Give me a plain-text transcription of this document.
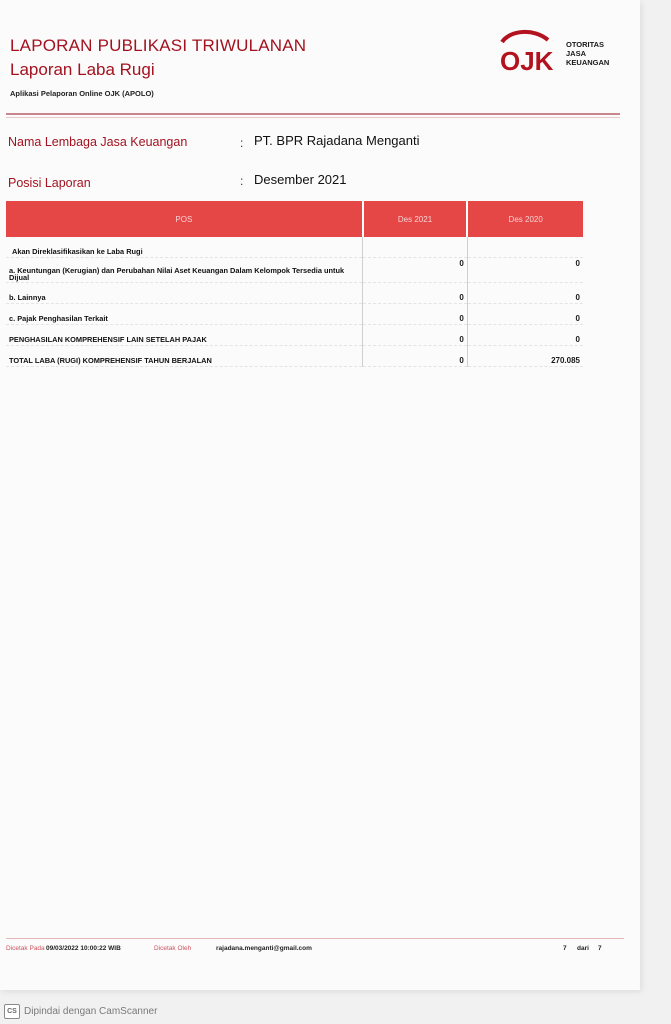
LAPORAN PUBLIKASI TRIWULANAN
Laporan Laba Rugi
Aplikasi Pelaporan Online OJK (APOLO)
OJK
OTORITAS
JASA
KEUANGAN
Nama Lembaga Jasa Keuangan	: PT. BPR Rajadana Menganti
Posisi Laporan	: Desember 2021
POS	Des 2021	Des 2020
Akan Direklasifikasikan ke Laba Rugi		
a. Keuntungan (Kerugian) dan Perubahan Nilai Aset Keuangan Dalam Kelompok Tersedia untuk Dijual	0	0
b. Lainnya	0	0
c. Pajak Penghasilan Terkait	0	0
PENGHASILAN KOMPREHENSIF LAIN SETELAH PAJAK	0	0
TOTAL LABA (RUGI) KOMPREHENSIF TAHUN BERJALAN	0	270.085
Dicetak Pada 09/03/2022 10:00:22 WIB	Dicetak Oleh	rajadana.menganti@gmail.com	7 dari 7
CS Dipindai dengan CamScanner
